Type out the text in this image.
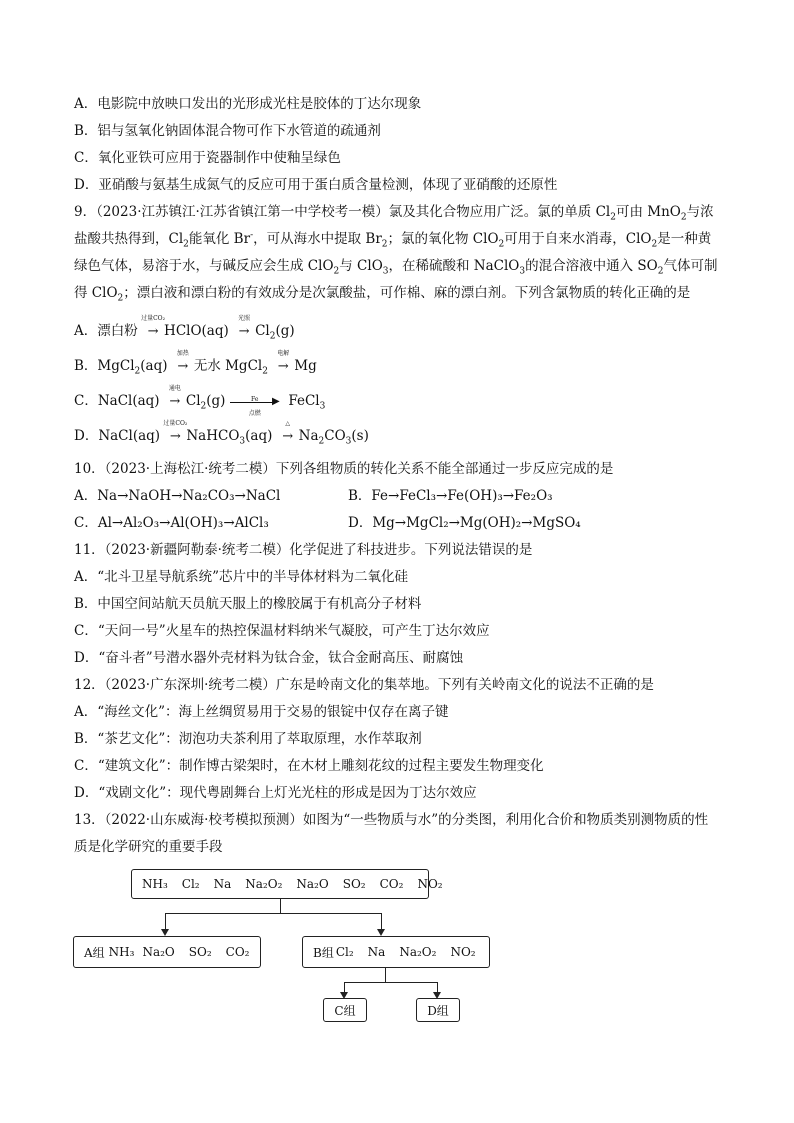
A．电影院中放映口发出的光形成光柱是胶体的丁达尔现象
B．铝与氢氧化钠固体混合物可作下水管道的疏通剂
C．氧化亚铁可应用于瓷器制作中使釉呈绿色
D．亚硝酸与氨基生成氮气的反应可用于蛋白质含量检测，体现了亚硝酸的还原性
9．（2023·江苏镇江·江苏省镇江第一中学校考一模）氯及其化合物应用广泛。氯的单质 $Cl_2$可由 MnO$_2$与浓
盐酸共热得到，$Cl_2$能氧化 Br-，可从海水中提取 $Br_2$；氯的氧化物 ClO$_2$可用于自来水消毒，ClO$_2$是一种黄
绿色气体，易溶于水，与碱反应会生成 ClO$_2$与 ClO$_3$，在稀硫酸和 NaClO$_3$的混合溶液中通入 $SO_2$气体可制
得 ClO$_2$；漂白液和漂白粉的有效成分是次氯酸盐，可作棉、麻的漂白剂。下列含氯物质的转化正确的是
A．漂白粉
过量CO₂
→ HClO(aq)
光照
→ $Cl_2(g)$
B．MgCl$_2$(aq)
加热
→ 无水 MgCl$_2$
电解
→ Mg
C．NaCl(aq)
通电
→ $Cl_2(g)$	Fe	▶
点燃
FeCl$_3$
D．NaCl(aq)
过量CO₂
→ NaHCO$_3$(aq)
△
→ $Na_2CO_3(s)$
10．（2023·上海松江·统考二模）下列各组物质的转化关系不能全部通过一步反应完成的是
A．Na→NaOH→Na₂CO₃→NaCl	B．Fe→FeCl₃→Fe(OH)₃→Fe₂O₃
C．Al→Al₂O₃→Al(OH)₃→AlCl₃	D．Mg→MgCl₂→Mg(OH)₂→MgSO₄
11．（2023·新疆阿勒泰·统考二模）化学促进了科技进步。下列说法错误的是
A．“北斗卫星导航系统”芯片中的半导体材料为二氧化硅
B．中国空间站航天员航天服上的橡胶属于有机高分子材料
C．“天问一号”火星车的热控保温材料纳米气凝胶，可产生丁达尔效应
D．“奋斗者”号潜水器外壳材料为钛合金，钛合金耐高压、耐腐蚀
12．（2023·广东深圳·统考二模）广东是岭南文化的集萃地。下列有关岭南文化的说法不正确的是
A．“海丝文化”：海上丝绸贸易用于交易的银锭中仅存在离子键
B．“茶艺文化”：沏泡功夫茶利用了萃取原理，水作萃取剂
C．“建筑文化”：制作博古梁架时，在木材上雕刻花纹的过程主要发生物理变化
D．“戏剧文化”：现代粤剧舞台上灯光光柱的形成是因为丁达尔效应
13．（2022·山东威海·校考模拟预测）如图为“一些物质与水”的分类图，利用化合价和物质类别测物质的性
质是化学研究的重要手段
NH₃ Cl₂ Na Na₂O₂ Na₂O SO₂ CO₂ NO₂
A组 NH₃ Na₂O SO₂ CO₂	B组 Cl₂ Na Na₂O₂ NO₂
C组	D组
